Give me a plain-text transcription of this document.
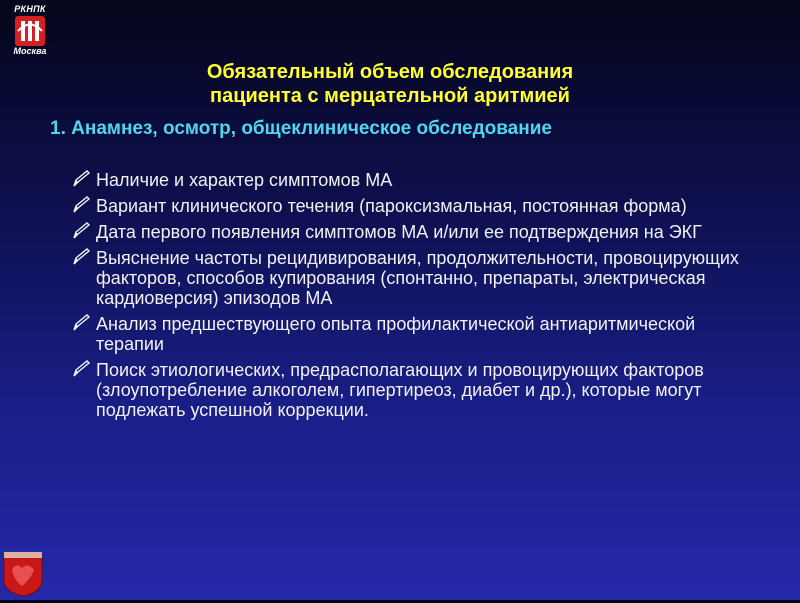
РКНПК
Москва
Обязательный объем обследования
пациента с мерцательной аритмией
1. Анамнез, осмотр, общеклиническое обследование
Наличие и характер симптомов МА
Вариант клинического течения (пароксизмальная, постоянная форма)
Дата первого появления симптомов МА и/или ее подтверждения на ЭКГ
Выяснение частоты рецидивирования, продолжительности, провоцирующих факторов, способов купирования (спонтанно, препараты, электрическая кардиоверсия) эпизодов МА
Анализ предшествующего опыта профилактической антиаритмической терапии
Поиск этиологических, предрасполагающих и провоцирующих факторов (злоупотребление алкоголем, гипертиреоз, диабет и др.), которые могут подлежать успешной коррекции.
